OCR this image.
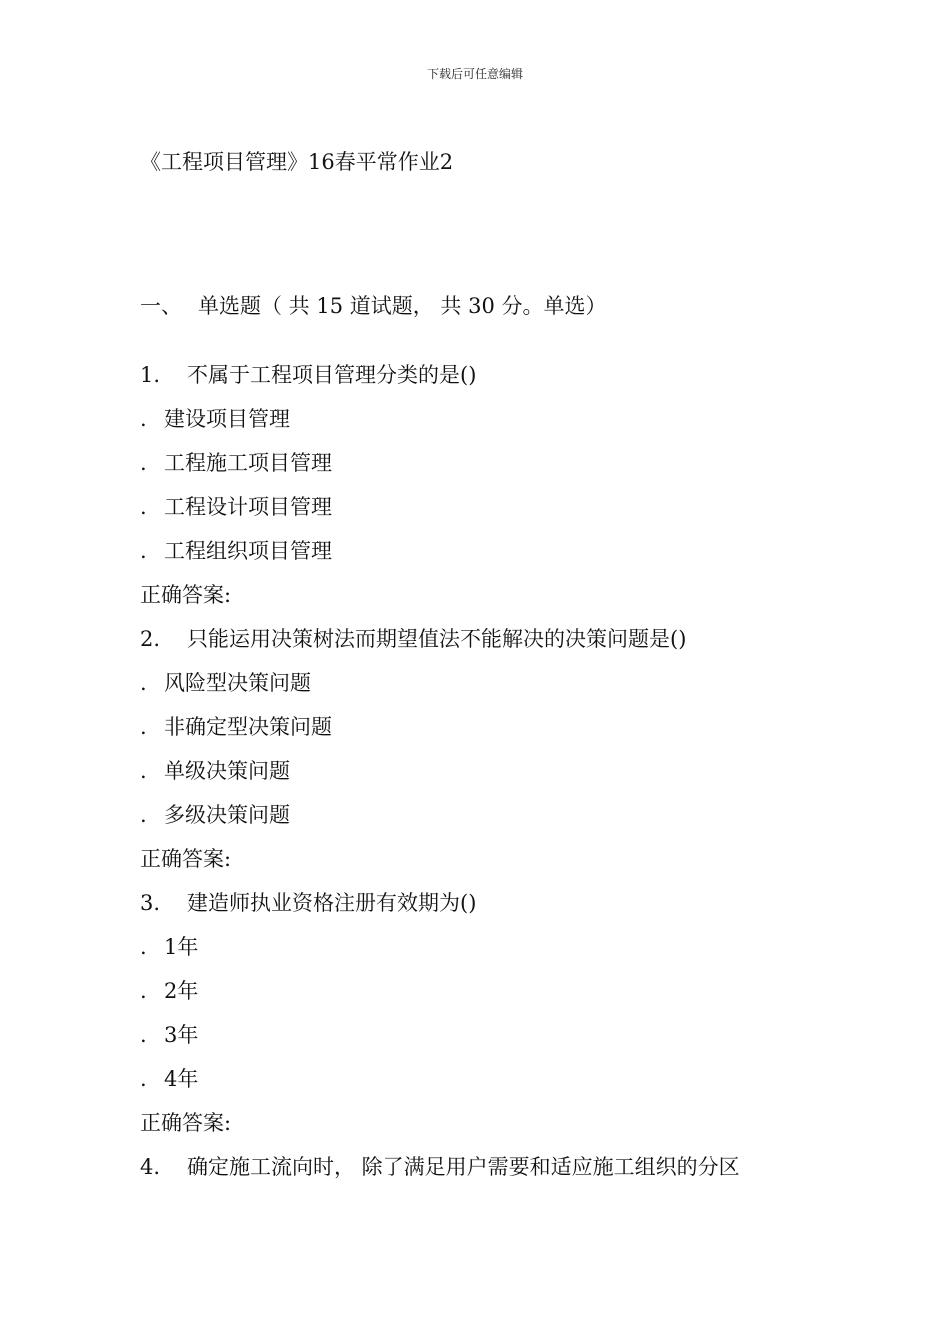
下载后可任意编辑
《工程项目管理》16春平常作业2
一、 单选题（ 共 15 道试题， 共 30 分。单选）
1. 不属于工程项目管理分类的是()
. 建设项目管理
. 工程施工项目管理
. 工程设计项目管理
. 工程组织项目管理
正确答案:
2. 只能运用决策树法而期望值法不能解决的决策问题是()
. 风险型决策问题
. 非确定型决策问题
. 单级决策问题
. 多级决策问题
正确答案:
3. 建造师执业资格注册有效期为()
. 1年
. 2年
. 3年
. 4年
正确答案:
4. 确定施工流向时， 除了满足用户需要和适应施工组织的分区
